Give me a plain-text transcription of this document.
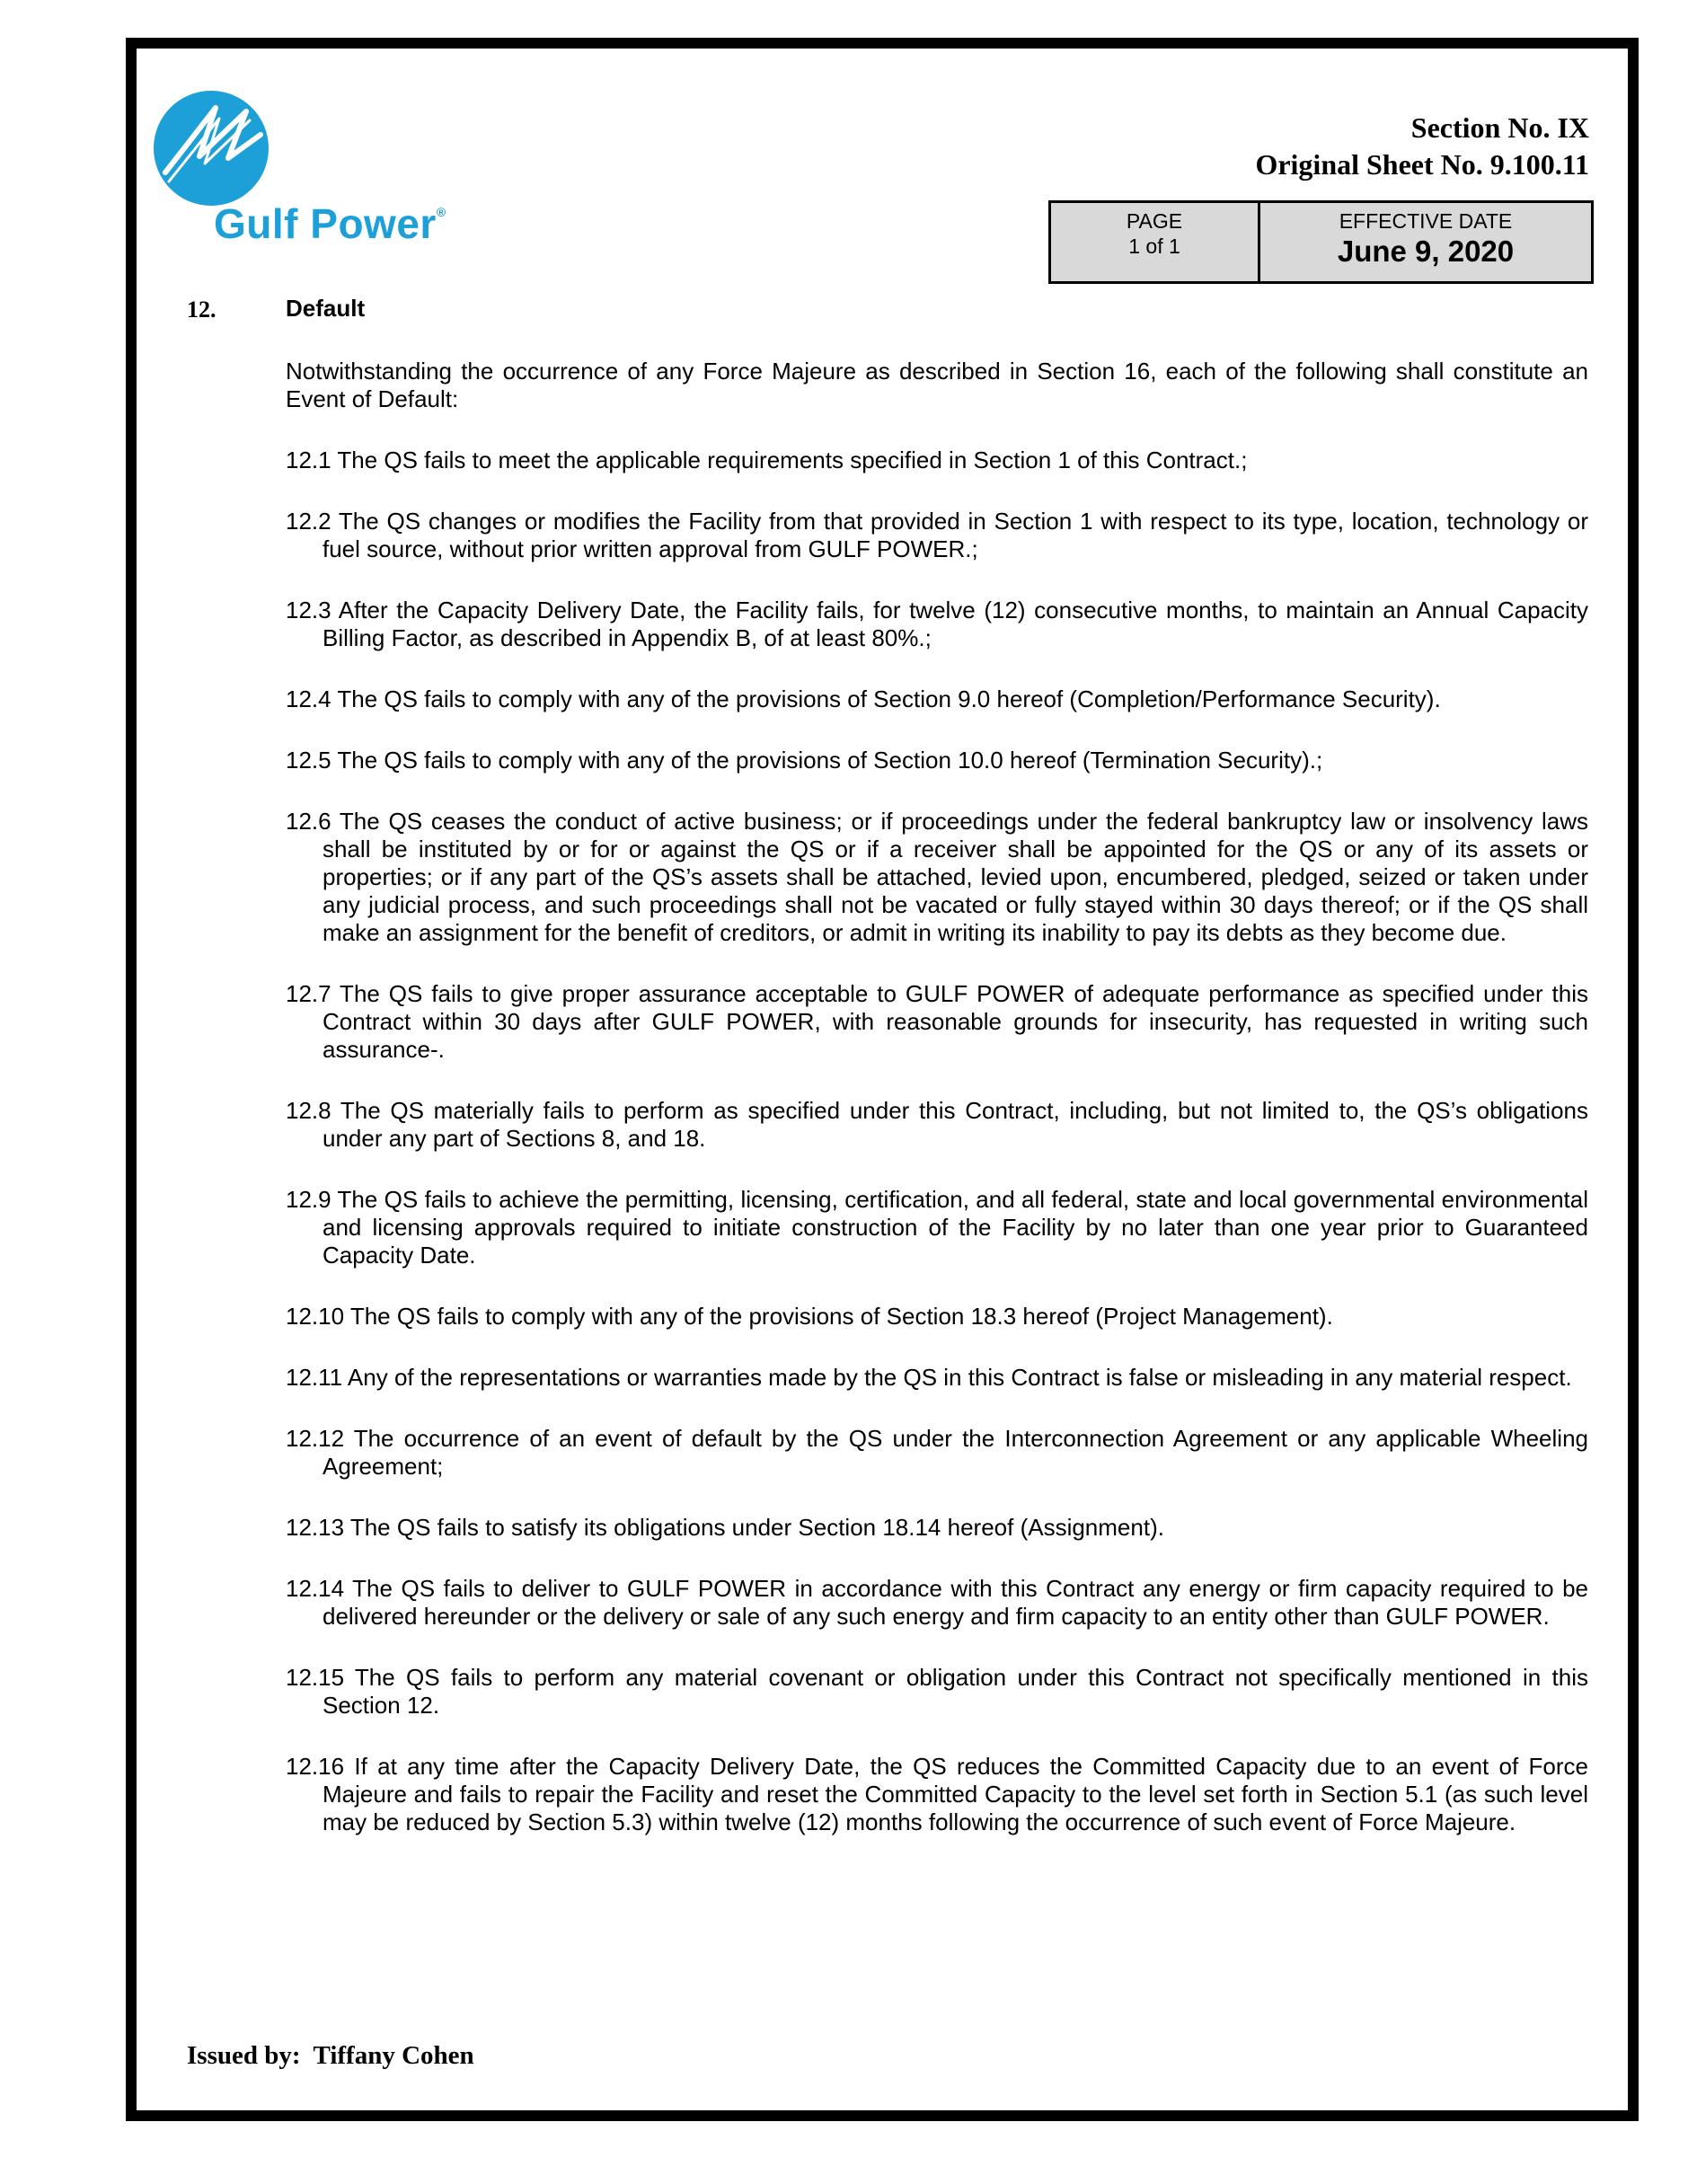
Gulf Power®
Section No. IX
Original Sheet No. 9.100.11
PAGE
1 of 1
EFFECTIVE DATE
June 9, 2020
12.	Default

Notwithstanding the occurrence of any Force Majeure as described in Section 16, each of the following shall constitute an Event of Default:

12.1 The QS fails to meet the applicable requirements specified in Section 1 of this Contract.;

12.2 The QS changes or modifies the Facility from that provided in Section 1 with respect to its type, location, technology or fuel source, without prior written approval from GULF POWER.;

12.3 After the Capacity Delivery Date, the Facility fails, for twelve (12) consecutive months, to maintain an Annual Capacity Billing Factor, as described in Appendix B, of at least 80%.;

12.4 The QS fails to comply with any of the provisions of Section 9.0 hereof (Completion/Performance Security).

12.5 The QS fails to comply with any of the provisions of Section 10.0 hereof (Termination Security).;

12.6 The QS ceases the conduct of active business; or if proceedings under the federal bankruptcy law or insolvency laws shall be instituted by or for or against the QS or if a receiver shall be appointed for the QS or any of its assets or properties; or if any part of the QS’s assets shall be attached, levied upon, encumbered, pledged, seized or taken under any judicial process, and such proceedings shall not be vacated or fully stayed within 30 days thereof; or if the QS shall make an assignment for the benefit of creditors, or admit in writing its inability to pay its debts as they become due.

12.7 The QS fails to give proper assurance acceptable to GULF POWER of adequate performance as specified under this Contract within 30 days after GULF POWER, with reasonable grounds for insecurity, has requested in writing such assurance-.

12.8 The QS materially fails to perform as specified under this Contract, including, but not limited to, the QS’s obligations under any part of Sections 8, and 18.

12.9 The QS fails to achieve the permitting, licensing, certification, and all federal, state and local governmental environmental and licensing approvals required to initiate construction of the Facility by no later than one year prior to Guaranteed Capacity Date.

12.10 The QS fails to comply with any of the provisions of Section 18.3 hereof (Project Management).

12.11 Any of the representations or warranties made by the QS in this Contract is false or misleading in any material respect.

12.12 The occurrence of an event of default by the QS under the Interconnection Agreement or any applicable Wheeling Agreement;

12.13 The QS fails to satisfy its obligations under Section 18.14 hereof (Assignment).

12.14 The QS fails to deliver to GULF POWER in accordance with this Contract any energy or firm capacity required to be delivered hereunder or the delivery or sale of any such energy and firm capacity to an entity other than GULF POWER.

12.15 The QS fails to perform any material covenant or obligation under this Contract not specifically mentioned in this Section 12.

12.16 If at any time after the Capacity Delivery Date, the QS reduces the Committed Capacity due to an event of Force Majeure and fails to repair the Facility and reset the Committed Capacity to the level set forth in Section 5.1 (as such level may be reduced by Section 5.3) within twelve (12) months following the occurrence of such event of Force Majeure.

Issued by: Tiffany Cohen
